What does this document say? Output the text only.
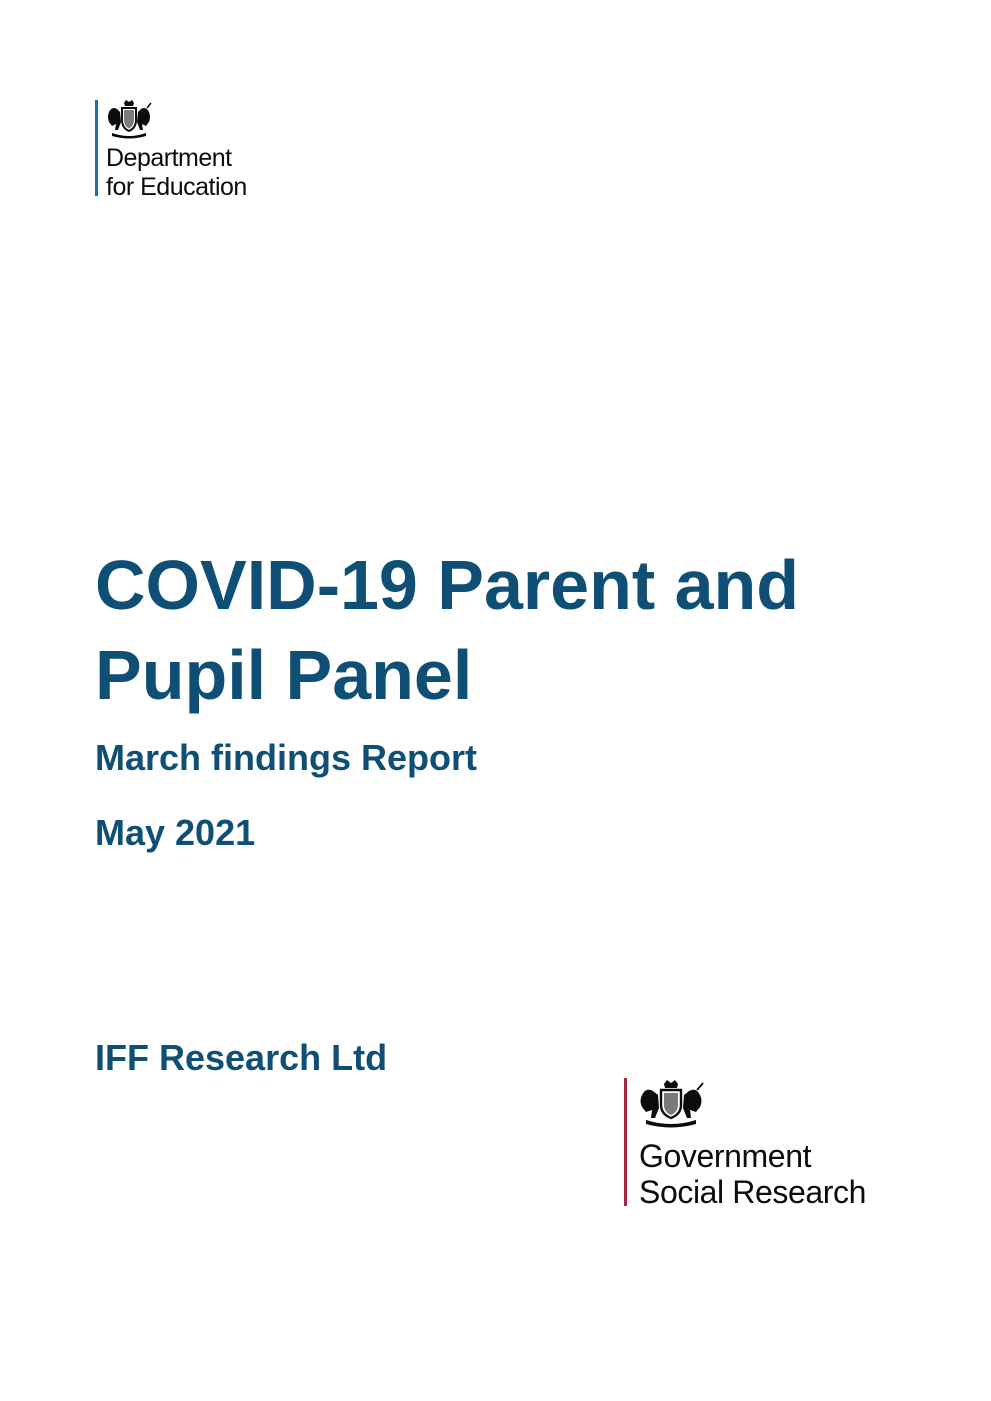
Department
for Education
COVID-19 Parent and Pupil Panel
March findings Report
May 2021
IFF Research Ltd
Government
Social Research
